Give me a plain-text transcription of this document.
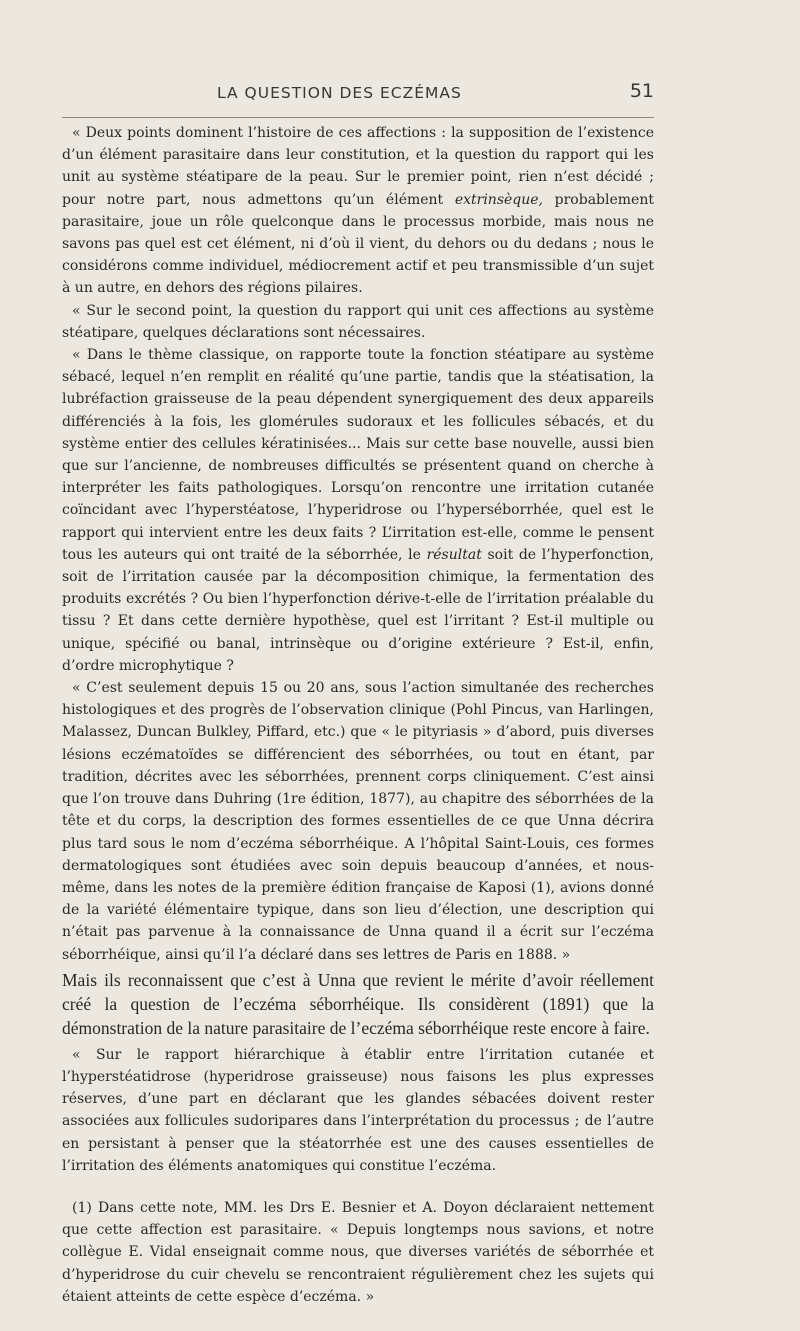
LA QUESTION DES ECZÉMAS	51

« Deux points dominent l’histoire de ces affections : la supposition de l’existence d’un élément parasitaire dans leur constitution, et la question du rapport qui les unit au système stéatipare de la peau. Sur le premier point, rien n’est décidé ; pour notre part, nous admettons qu’un élément extrinsèque, probablement parasitaire, joue un rôle quelconque dans le processus morbide, mais nous ne savons pas quel est cet élément, ni d’où il vient, du dehors ou du dedans ; nous le considérons comme individuel, médiocrement actif et peu transmissible d’un sujet à un autre, en dehors des régions pilaires.

« Sur le second point, la question du rapport qui unit ces affections au système stéatipare, quelques déclarations sont nécessaires.

« Dans le thème classique, on rapporte toute la fonction stéatipare au système sébacé, lequel n’en remplit en réalité qu’une partie, tandis que la stéatisation, la lubréfaction graisseuse de la peau dépendent synergiquement des deux appareils différenciés à la fois, les glomérules sudoraux et les follicules sébacés, et du système entier des cellules kératinisées... Mais sur cette base nouvelle, aussi bien que sur l’ancienne, de nombreuses difficultés se présentent quand on cherche à interpréter les faits pathologiques. Lorsqu’on rencontre une irritation cutanée coïncidant avec l’hyperstéatose, l’hyperidrose ou l’hyperséborrhée, quel est le rapport qui intervient entre les deux faits ? L’irritation est-elle, comme le pensent tous les auteurs qui ont traité de la séborrhée, le résultat soit de l’hyperfonction, soit de l’irritation causée par la décomposition chimique, la fermentation des produits excrétés ? Ou bien l’hyperfonction dérive-t-elle de l’irritation préalable du tissu ? Et dans cette dernière hypothèse, quel est l’irritant ? Est-il multiple ou unique, spécifié ou banal, intrinsèque ou d’origine extérieure ? Est-il, enfin, d’ordre microphytique ?

« C’est seulement depuis 15 ou 20 ans, sous l’action simultanée des recherches histologiques et des progrès de l’observation clinique (Pohl Pincus, van Harlingen, Malassez, Duncan Bulkley, Piffard, etc.) que « le pityriasis » d’abord, puis diverses lésions eczématoïdes se différencient des séborrhées, ou tout en étant, par tradition, décrites avec les séborrhées, prennent corps cliniquement. C’est ainsi que l’on trouve dans Duhring (1re édition, 1877), au chapitre des séborrhées de la tête et du corps, la description des formes essentielles de ce que Unna décrira plus tard sous le nom d’eczéma séborrhéique. A l’hôpital Saint-Louis, ces formes dermatologiques sont étudiées avec soin depuis beaucoup d’années, et nous-même, dans les notes de la première édition française de Kaposi (1), avions donné de la variété élémentaire typique, dans son lieu d’élection, une description qui n’était pas parvenue à la connaissance de Unna quand il a écrit sur l’eczéma séborrhéique, ainsi qu’il l’a déclaré dans ses lettres de Paris en 1888. »

Mais ils reconnaissent que c’est à Unna que revient le mérite d’avoir réellement créé la question de l’eczéma séborrhéique. Ils considèrent (1891) que la démonstration de la nature parasitaire de l’eczéma séborrhéique reste encore à faire.

« Sur le rapport hiérarchique à établir entre l’irritation cutanée et l’hyperstéatidrose (hyperidrose graisseuse) nous faisons les plus expresses réserves, d’une part en déclarant que les glandes sébacées doivent rester associées aux follicules sudoripares dans l’interprétation du processus ; de l’autre en persistant à penser que la stéatorrhée est une des causes essentielles de l’irritation des éléments anatomiques qui constitue l’eczéma.

(1) Dans cette note, MM. les Drs E. Besnier et A. Doyon déclaraient nettement que cette affection est parasitaire. « Depuis longtemps nous savions, et notre collègue E. Vidal enseignait comme nous, que diverses variétés de séborrhée et d’hyperidrose du cuir chevelu se rencontraient régulièrement chez les sujets qui étaient atteints de cette espèce d’eczéma. »
